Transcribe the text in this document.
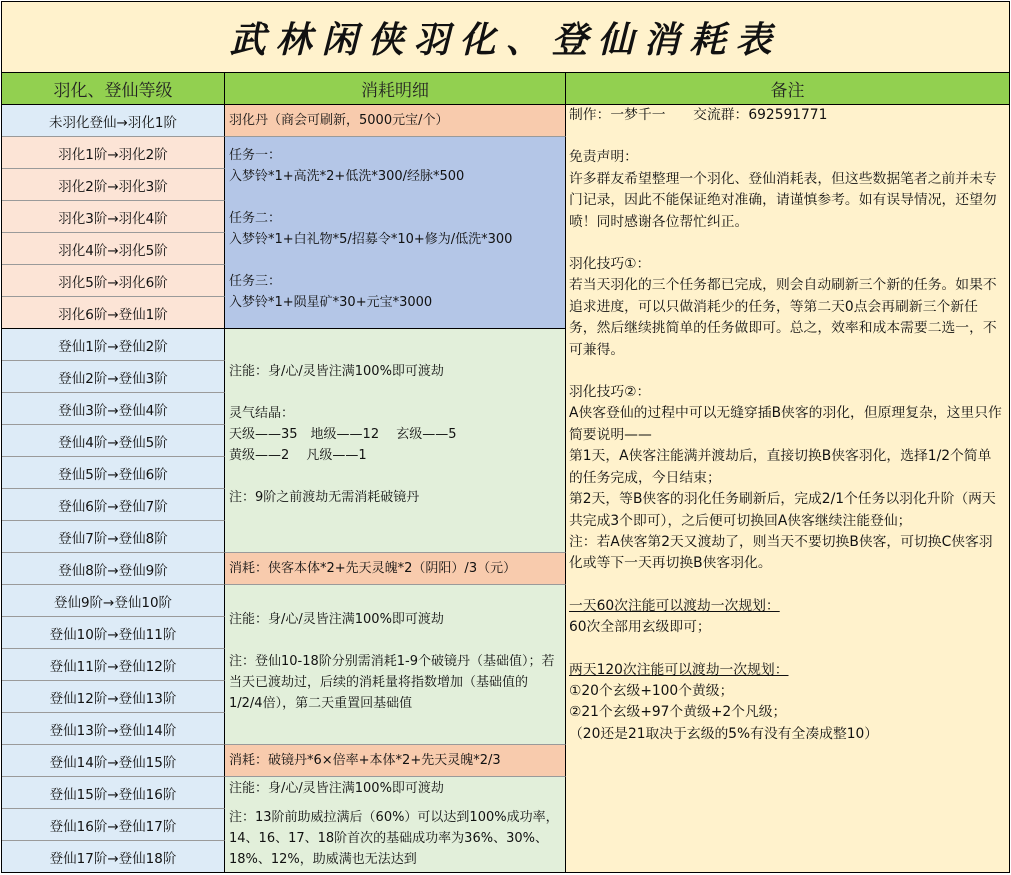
武林闲侠羽化、登仙消耗表
羽化、登仙等级	消耗明细	备注
未羽化登仙→羽化1阶
羽化1阶→羽化2阶
羽化2阶→羽化3阶
羽化3阶→羽化4阶
羽化4阶→羽化5阶
羽化5阶→羽化6阶
羽化6阶→登仙1阶
登仙1阶→登仙2阶
登仙2阶→登仙3阶
登仙3阶→登仙4阶
登仙4阶→登仙5阶
登仙5阶→登仙6阶
登仙6阶→登仙7阶
登仙7阶→登仙8阶
登仙8阶→登仙9阶
登仙9阶→登仙10阶
登仙10阶→登仙11阶
登仙11阶→登仙12阶
登仙12阶→登仙13阶
登仙13阶→登仙14阶
登仙14阶→登仙15阶
登仙15阶→登仙16阶
登仙16阶→登仙17阶
登仙17阶→登仙18阶
羽化丹（商会可刷新，5000元宝/个）
任务一：
入梦铃*1+高洗*2+低洗*300/经脉*500
任务二：
入梦铃*1+白礼物*5/招募令*10+修为/低洗*300
任务三：
入梦铃*1+陨星矿*30+元宝*3000
注能：身/心/灵皆注满100%即可渡劫
灵气结晶：
天级——35　地级——12　 玄级——5
黄级——2　 凡级——1
注：9阶之前渡劫无需消耗破镜丹
消耗：侠客本体*2+先天灵魄*2（阴阳）/3（元）
注能：身/心/灵皆注满100%即可渡劫
注：登仙10-18阶分别需消耗1-9个破镜丹（基础值）；若当天已渡劫过，后续的消耗量将指数增加（基础值的1/2/4倍），第二天重置回基础值
消耗：破镜丹*6×倍率+本体*2+先天灵魄*2/3
注能：身/心/灵皆注满100%即可渡劫
注：13阶前助威拉满后（60%）可以达到100%成功率，14、16、17、18阶首次的基础成功率为36%、30%、18%、12%，助威满也无法达到
制作：一梦千一　　交流群：692591771
免责声明：
许多群友希望整理一个羽化、登仙消耗表，但这些数据笔者之前并未专门记录，因此不能保证绝对准确，请谨慎参考。如有误导情况，还望勿喷！同时感谢各位帮忙纠正。
羽化技巧①：
若当天羽化的三个任务都已完成，则会自动刷新三个新的任务。如果不追求进度，可以只做消耗少的任务，等第二天0点会再刷新三个新任务，然后继续挑简单的任务做即可。总之，效率和成本需要二选一，不可兼得。
羽化技巧②：
A侠客登仙的过程中可以无缝穿插B侠客的羽化，但原理复杂，这里只作简要说明——
第1天，A侠客注能满并渡劫后，直接切换B侠客羽化，选择1/2个简单的任务完成，今日结束；
第2天，等B侠客的羽化任务刷新后，完成2/1个任务以羽化升阶（两天共完成3个即可），之后便可切换回A侠客继续注能登仙；
注：若A侠客第2天又渡劫了，则当天不要切换B侠客，可切换C侠客羽化或等下一天再切换B侠客羽化。
一天60次注能可以渡劫一次规划：
60次全部用玄级即可；
两天120次注能可以渡劫一次规划：
①20个玄级+100个黄级；
②21个玄级+97个黄级+2个凡级；
（20还是21取决于玄级的5%有没有全凑成整10）
